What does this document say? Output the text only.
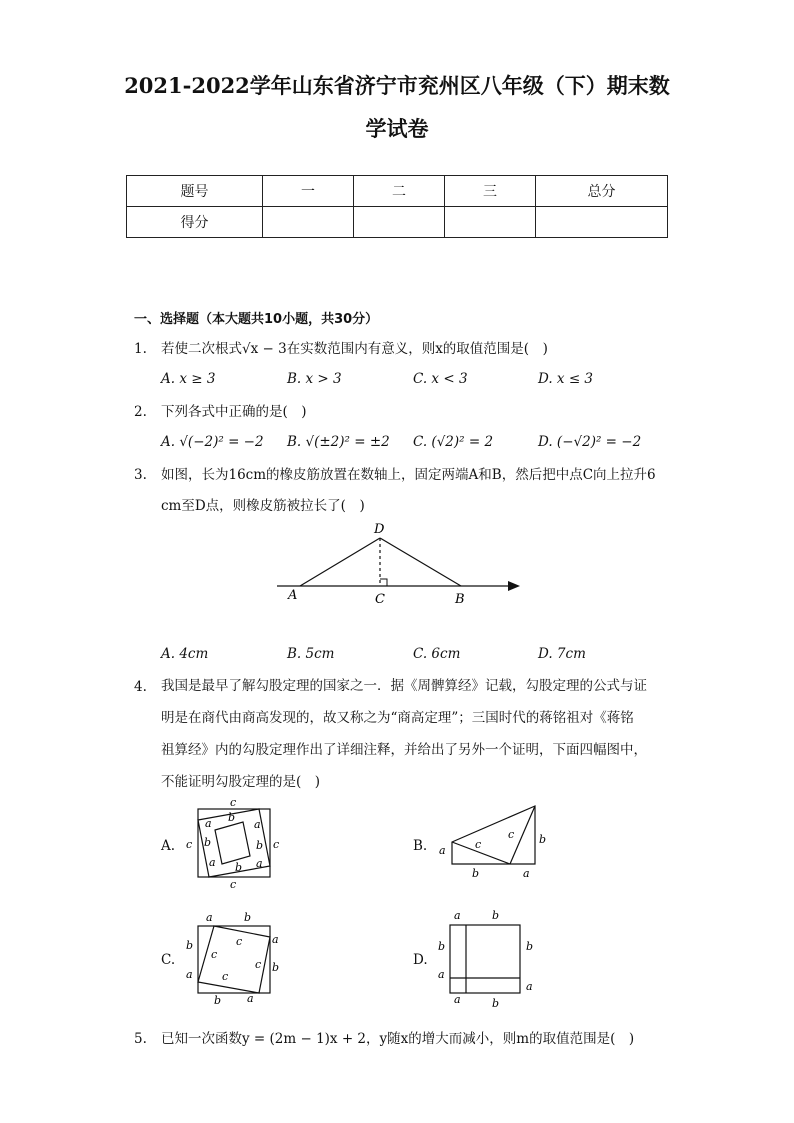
2021-2022学年山东省济宁市兖州区八年级（下）期末数
学试卷
题号	一	二	三	总分
得分				
一、选择题（本大题共10小题，共30分）
1. 若使二次根式√x − 3在实数范围内有意义，则x的取值范围是(　)
A. x ≥ 3	B. x > 3	C. x < 3	D. x ≤ 3
2. 下列各式中正确的是(　)
A. √(−2)² = −2 B. √(±2)² = ±2 C. (√2)² = 2	D. (−√2)² = −2
3. 如图，长为16cm的橡皮筋放置在数轴上，固定两端A和B，然后把中点C向上拉升6
cm至D点，则橡皮筋被拉长了(　)
D
A	C	B
A. 4cm	B. 5cm	C. 6cm	D. 7cm
4. 我国是最早了解勾股定理的国家之一．据《周髀算经》记载，勾股定理的公式与证
明是在商代由商高发现的，故又称之为“商高定理”；三国时代的蒋铭祖对《蒋铭
祖算经》内的勾股定理作出了详细注释，并给出了另外一个证明，下面四幅图中，
不能证明勾股定理的是(　)
A.	B.
C.	D.
c
c
c	c
a b
a
b	b
a b a
a	c
c b
b	a
a	b
b
a
a
b
b a
c
c
c
c
a	b
b
a
b
a
a	b
5. 已知一次函数y = (2m − 1)x + 2，y随x的增大而减小，则m的取值范围是(　)
